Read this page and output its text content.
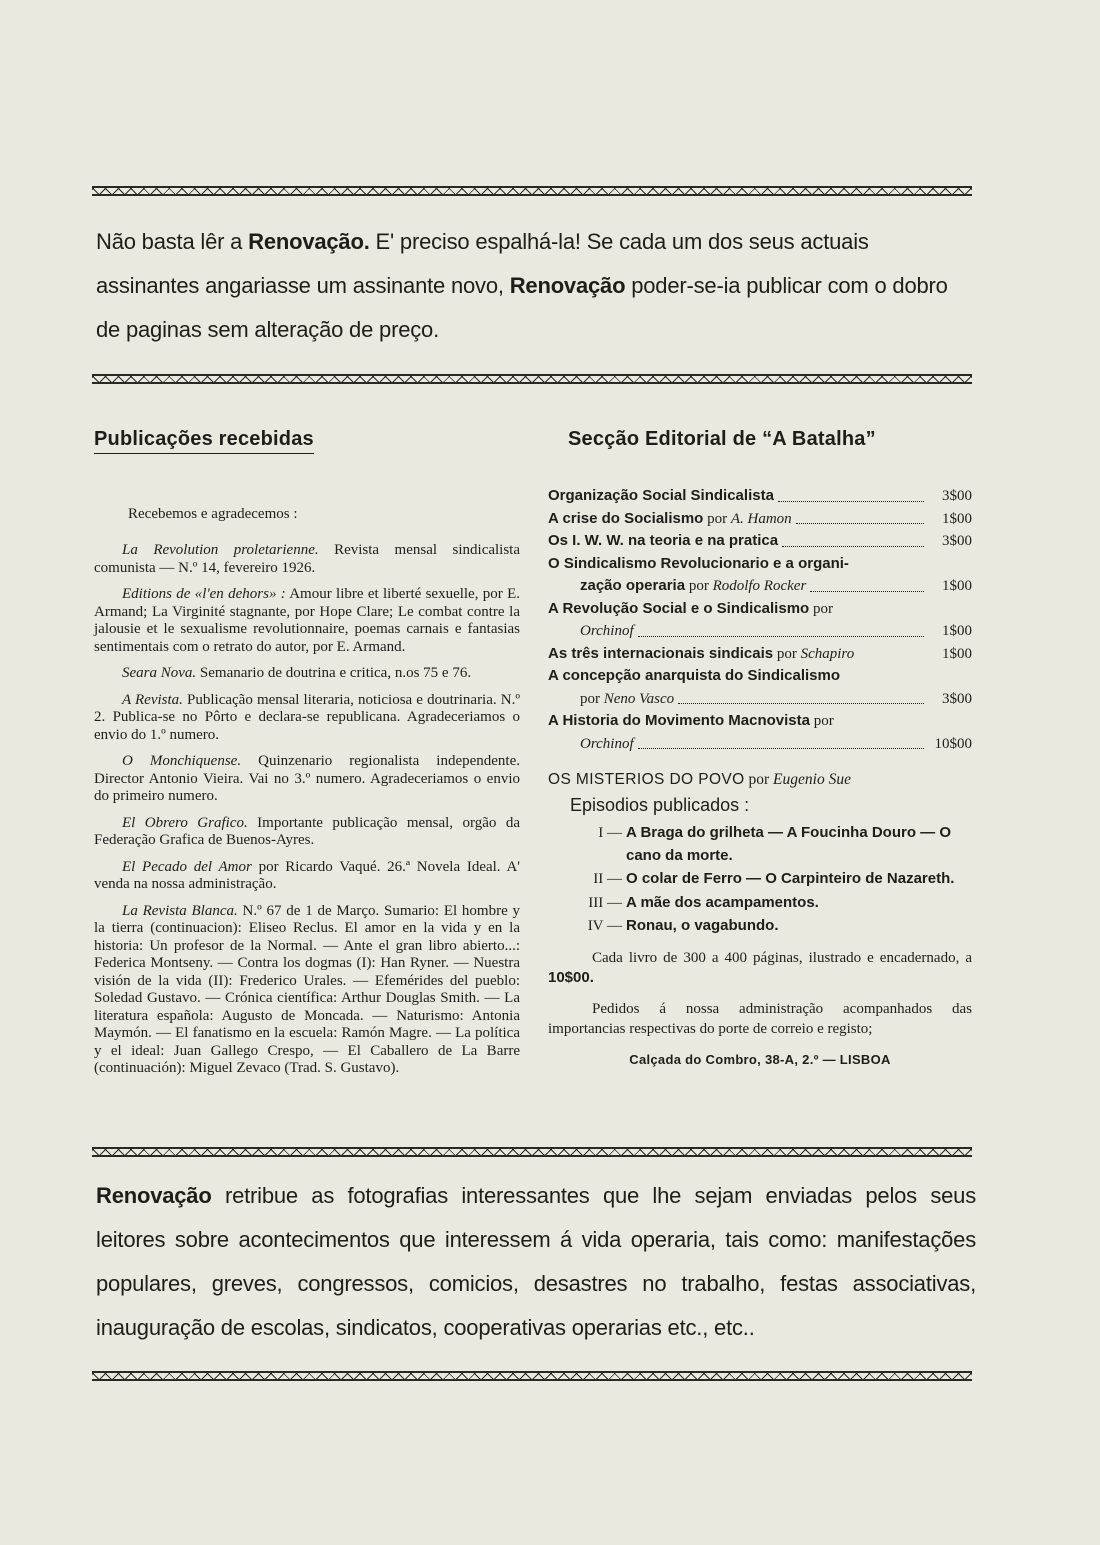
Não basta lêr a Renovação. E' preciso espalhá-la! Se cada um dos seus actuais
assinantes angariasse um assinante novo, Renovação poder-se-ia publicar com o dobro
de paginas sem alteração de preço.
Publicações recebidas
Recebemos e agradecemos :

La Revolution proletarienne. Revista mensal sindicalista comunista — N.º 14, fevereiro 1926.

Editions de «l'en dehors» : Amour libre et liberté sexuelle, por E. Armand; La Virginité stagnante, por Hope Clare; Le combat contre la jalousie et le sexualisme revolutionnaire, poemas carnais e fantasias sentimentais com o retrato do autor, por E. Armand.

Seara Nova. Semanario de doutrina e critica, n.os 75 e 76.

A Revista. Publicação mensal literaria, noticiosa e doutrinaria. N.º 2. Publica-se no Pôrto e declara-se republicana. Agradeceriamos o envio do 1.º numero.

O Monchiquense. Quinzenario regionalista independente. Director Antonio Vieira. Vai no 3.º numero. Agradeceriamos o envio do primeiro numero.

El Obrero Grafico. Importante publicação mensal, orgão da Federação Grafica de Buenos-Ayres.

El Pecado del Amor por Ricardo Vaqué. 26.ª Novela Ideal. A' venda na nossa administração.

La Revista Blanca. N.º 67 de 1 de Março. Sumario: El hombre y la tierra (continuacion): Eliseo Reclus. El amor en la vida y en la historia: Un profesor de la Normal. — Ante el gran libro abierto...: Federica Montseny. — Contra los dogmas (I): Han Ryner. — Nuestra visión de la vida (II): Frederico Urales. — Efemérides del pueblo: Soledad Gustavo. — Crónica científica: Arthur Douglas Smith. — La literatura española: Augusto de Moncada. — Naturismo: Antonia Maymón. — El fanatismo en la escuela: Ramón Magre. — La política y el ideal: Juan Gallego Crespo, — El Caballero de La Barre (continuación): Miguel Zevaco (Trad. S. Gustavo).

Secção Editorial de “A Batalha”
Organização Social Sindicalista	3$00
A crise do Socialismo por A. Hamon	1$00
Os I. W. W. na teoria e na pratica	3$00
O Sindicalismo Revolucionario e a organi-
zação operaria por Rodolfo Rocker	1$00
A Revolução Social e o Sindicalismo por
Orchinof	1$00
As três internacionais sindicais por Schapiro	1$00
A concepção anarquista do Sindicalismo
por Neno Vasco	3$00
A Historia do Movimento Macnovista por
Orchinof	10$00
OS MISTERIOS DO POVO por Eugenio Sue
Episodios publicados :
I — A Braga do grilheta — A Foucinha Douro — O cano da morte.
II — O colar de Ferro — O Carpinteiro de Nazareth.
III — A mãe dos acampamentos.
IV — Ronau, o vagabundo.

Cada livro de 300 a 400 páginas, ilustrado e encadernado, a 10$00.

Pedidos á nossa administração acompanhados das importancias respectivas do porte de correio e registo;

Calçada do Combro, 38-A, 2.º — LISBOA
Renovação retribue as fotografias interessantes que lhe sejam enviadas pelos seus leitores sobre acontecimentos que interessem á vida operaria, tais como: manifestações populares, greves, congressos, comicios, desastres no trabalho, festas associativas, inauguração de escolas, sindicatos, cooperativas operarias etc., etc..
